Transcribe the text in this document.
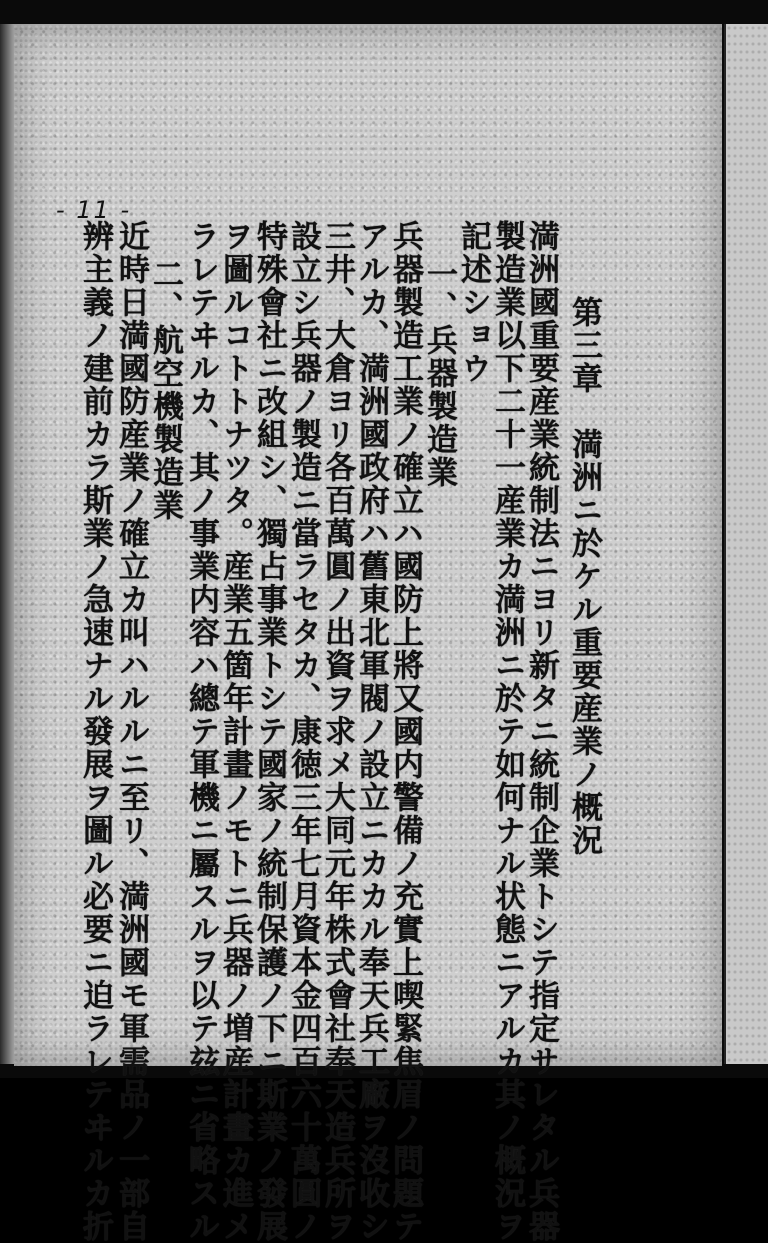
- 11 -
第三章　満洲ニ於ケル重要産業ノ概況
満洲國重要産業統制法ニヨリ新タニ統制企業トシテ指定サレタル兵器
製造業以下二十一産業カ満洲ニ於テ如何ナル状態ニアルカ其ノ概況ヲ
記述ショウ
一、兵器製造業
兵器製造工業ノ確立ハ國防上將又國内警備ノ充實上喫緊焦眉ノ問題テ
アルカ、満洲國政府ハ舊東北軍閥ノ設立ニカカル奉天兵工廠ヲ沒收シ
三井、大倉ヨリ各百萬圓ノ出資ヲ求メ大同元年株式會社奉天造兵所ヲ
設立シ兵器ノ製造ニ當ラセタカ、康徳三年七月資本金四百六十萬圓ノ
特殊會社ニ改組シ、獨占事業トシテ國家ノ統制保護ノ下ニ斯業ノ發展
ヲ圖ルコトトナツタ。産業五箇年計畫ノモトニ兵器ノ増産計畫カ進メ
ラレテヰルカ、其ノ事業内容ハ總テ軍機ニ屬スルヲ以テ玆ニ省略スル
二、航空機製造業
近時日満國防産業ノ確立カ叫ハルルニ至リ、満洲國モ軍需品ノ一部自
辨主義ノ建前カラ斯業ノ急速ナル發展ヲ圖ル必要ニ迫ラレテヰルカ折
